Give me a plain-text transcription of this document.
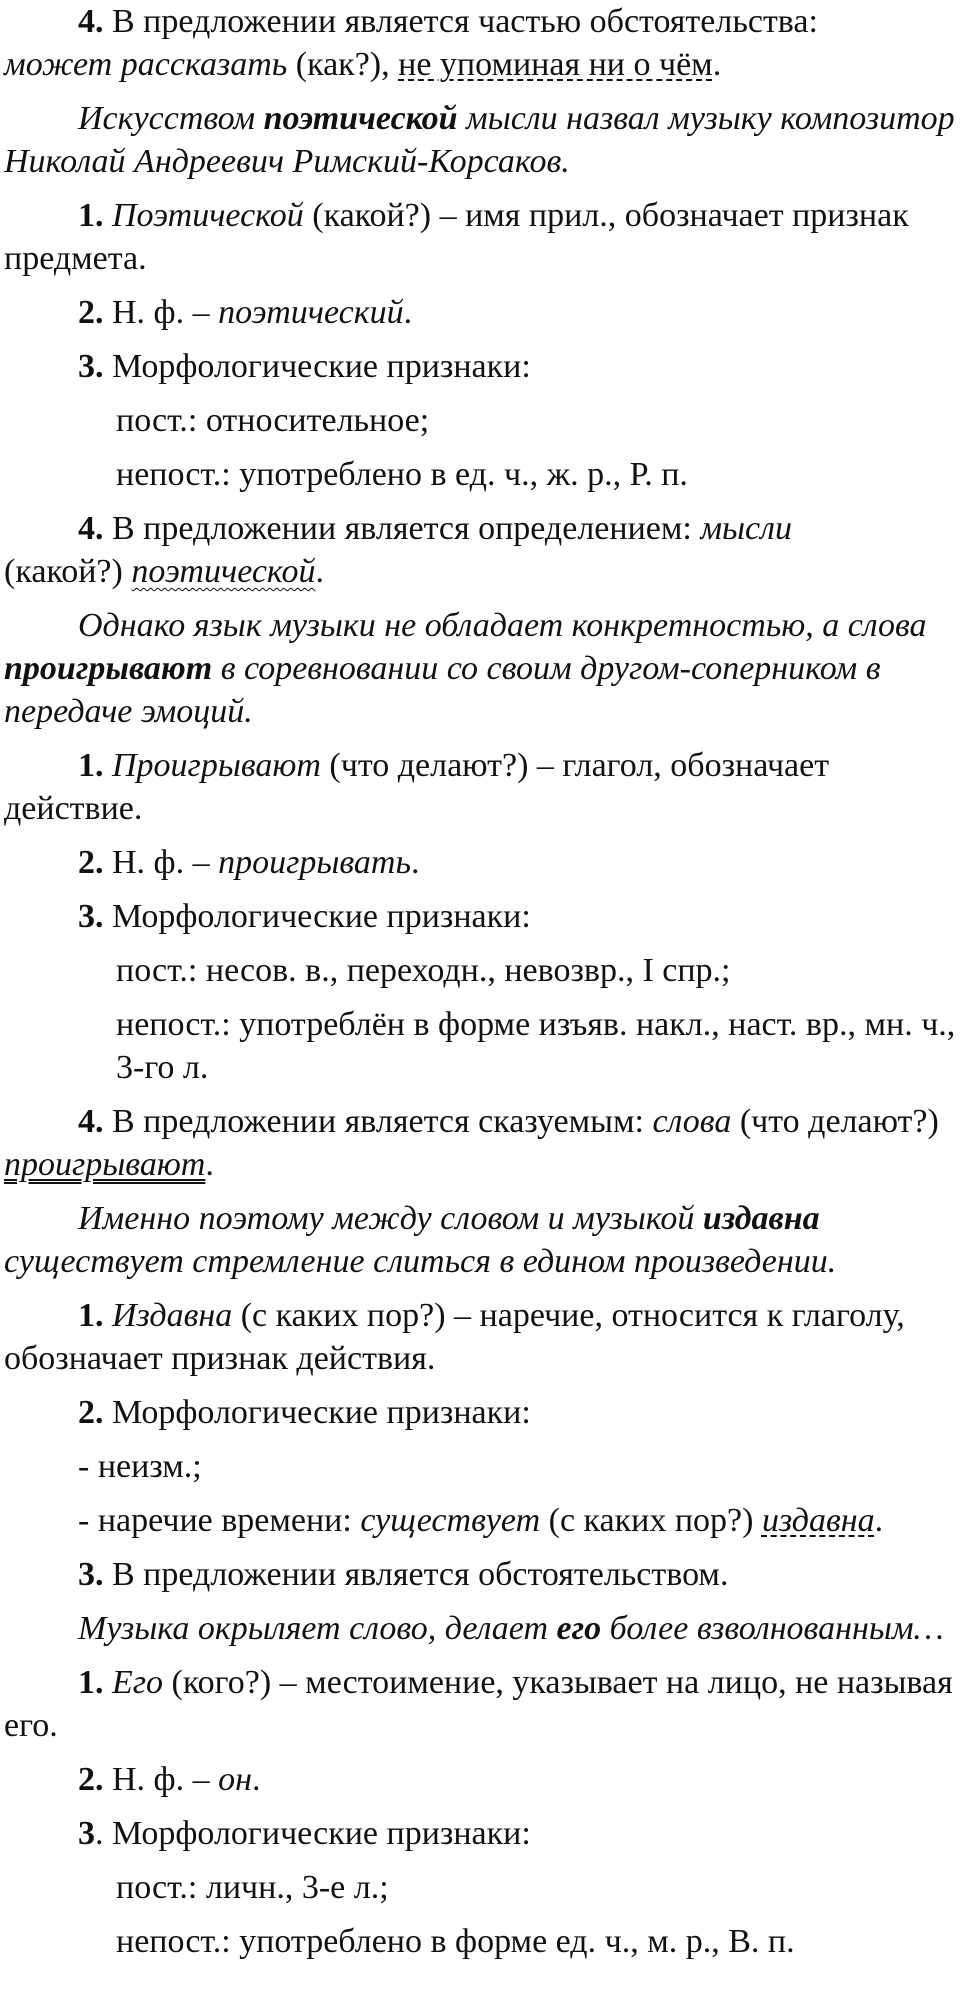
4. В предложении является частью обстоятельства:

может рассказать (как?), не упоминая ни о чём.

Искусством поэтической мысли назвал музыку композитор Николай Андреевич Римский-Корсаков.

1. Поэтической (какой?) – имя прил., обозначает признак предмета.

2. Н. ф. – поэтический.

3. Морфологические признаки:

пост.: относительное;

непост.: употреблено в ед. ч., ж. р., Р. п.

4. В предложении является определением: мысли

(какой?) поэтической.

Однако язык музыки не обладает конкретностью, а слова проигрывают в соревновании со своим другом-соперником в передаче эмоций.

1. Проигрывают (что делают?) – глагол, обозначает действие.

2. Н. ф. – проигрывать.

3. Морфологические признаки:

пост.: несов. в., переходн., невозвр., I спр.;

непост.: употреблён в форме изъяв. накл., наст. вр., мн. ч., 3-го л.

4. В предложении является сказуемым: слова (что делают?) проигрывают.

Именно поэтому между словом и музыкой издавна существует стремление слиться в едином произведении.

1. Издавна (с каких пор?) – наречие, относится к глаголу, обозначает признак действия.

2. Морфологические признаки:

- неизм.;

- наречие времени: существует (с каких пор?) издавна.

3. В предложении является обстоятельством.

Музыка окрыляет слово, делает его более взволнованным…

1. Его (кого?) – местоимение, указывает на лицо, не называя его.

2. Н. ф. – он.

3. Морфологические признаки:

пост.: личн., 3-е л.;

непост.: употреблено в форме ед. ч., м. р., В. п.
